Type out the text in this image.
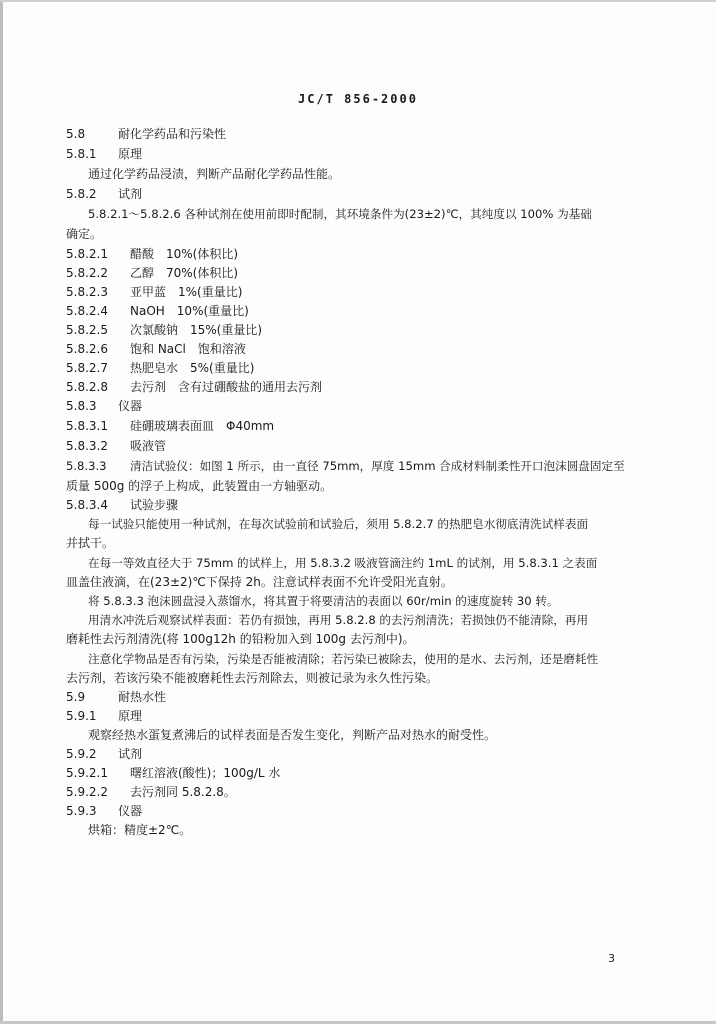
JC/T 856-2000
5.8	耐化学药品和污染性
5.8.1 原理
通过化学药品浸渍，判断产品耐化学药品性能。
5.8.2 试剂
5.8.2.1～5.8.2.6 各种试剂在使用前即时配制，其环境条件为(23±2)℃，其纯度以 100% 为基础
确定。
5.8.2.1 醋酸　10%(体积比)
5.8.2.2 乙醇　70%(体积比)
5.8.2.3 亚甲蓝　1%(重量比)
5.8.2.4 NaOH　10%(重量比)
5.8.2.5 次氯酸钠　15%(重量比)
5.8.2.6 饱和 NaCl　饱和溶液
5.8.2.7 热肥皂水　5%(重量比)
5.8.2.8 去污剂　含有过硼酸盐的通用去污剂
5.8.3 仪器
5.8.3.1 硅硼玻璃表面皿　Φ40mm
5.8.3.2 吸液管
5.8.3.3 清洁试验仪：如图 1 所示，由一直径 75mm，厚度 15mm 合成材料制柔性开口泡沫圆盘固定至
质量 500g 的浮子上构成，此装置由一方轴驱动。
5.8.3.4 试验步骤
每一试验只能使用一种试剂，在每次试验前和试验后，须用 5.8.2.7 的热肥皂水彻底清洗试样表面
并拭干。
在每一等效直径大于 75mm 的试样上，用 5.8.3.2 吸液管滴注约 1mL 的试剂，用 5.8.3.1 之表面
皿盖住液滴，在(23±2)℃下保持 2h。注意试样表面不允许受阳光直射。
将 5.8.3.3 泡沫圆盘浸入蒸馏水，将其置于将要清洁的表面以 60r/min 的速度旋转 30 转。
用清水冲洗后观察试样表面：若仍有损蚀，再用 5.8.2.8 的去污剂清洗；若损蚀仍不能清除，再用
磨耗性去污剂清洗(将 100g12h 的铅粉加入到 100g 去污剂中)。
注意化学物品是否有污染，污染是否能被清除；若污染已被除去，使用的是水、去污剂，还是磨耗性
去污剂，若该污染不能被磨耗性去污剂除去，则被记录为永久性污染。
5.9	耐热水性
5.9.1 原理
观察经热水蛋复煮沸后的试样表面是否发生变化，判断产品对热水的耐受性。
5.9.2 试剂
5.9.2.1 曙红溶液(酸性)；100g/L 水
5.9.2.2 去污剂同 5.8.2.8。
5.9.3 仪器
烘箱：精度±2℃。
3
